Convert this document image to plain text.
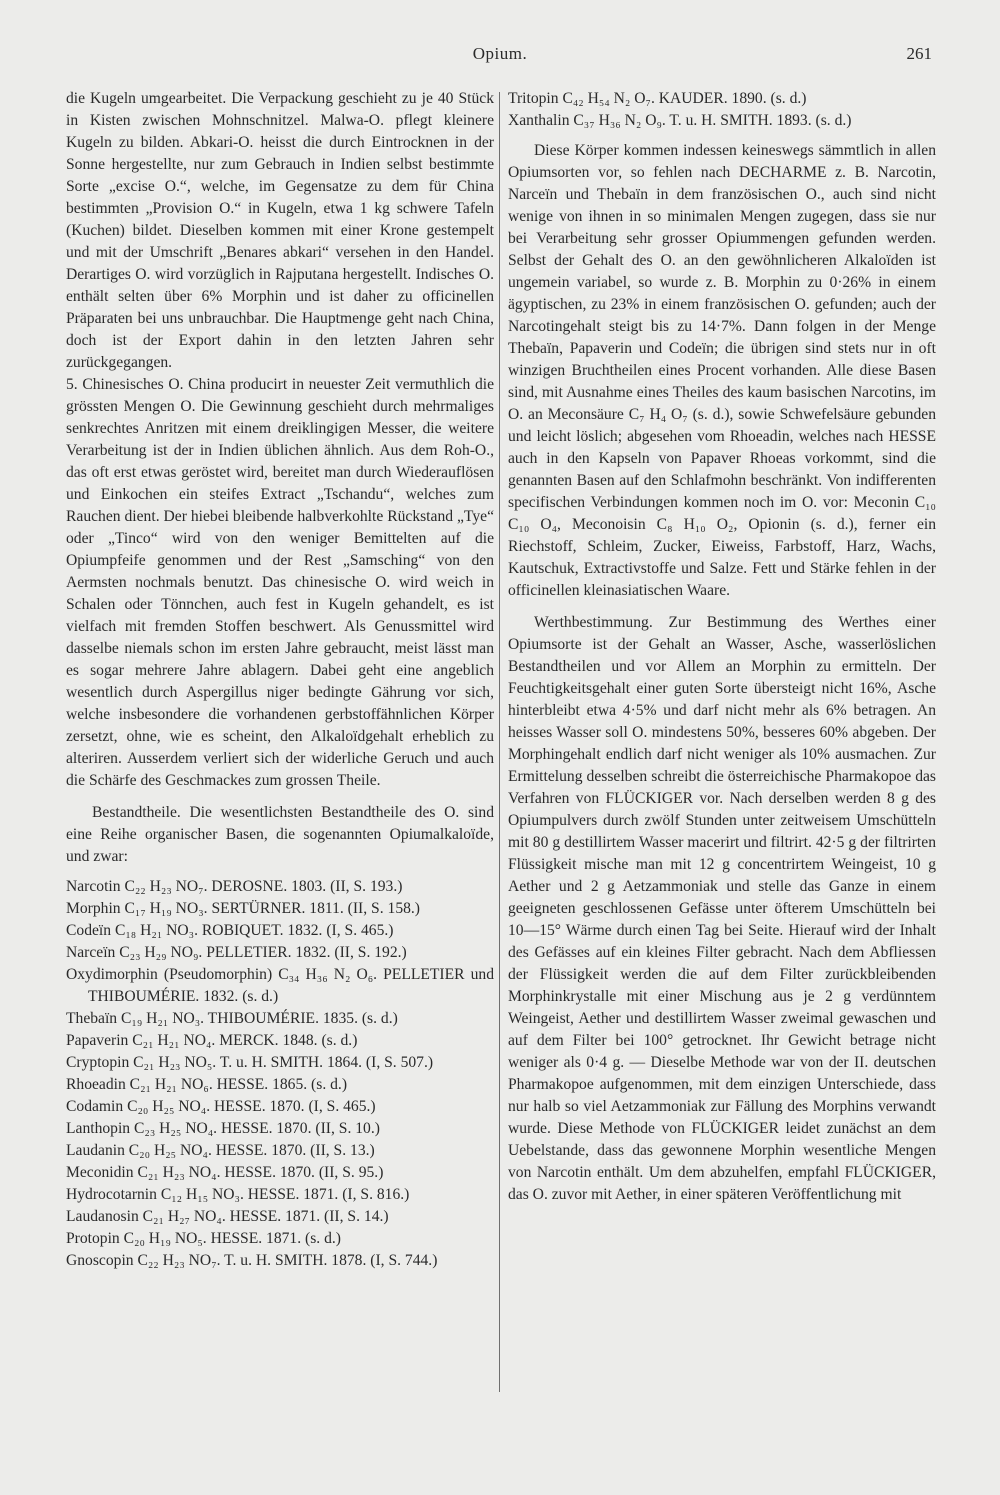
Opium.	261

die Kugeln umgearbeitet. Die Verpackung geschieht zu je 40 Stück in Kisten zwischen Mohnschnitzel. Malwa-O. pflegt kleinere Kugeln zu bilden. Abkari-O. heisst die durch Eintrocknen in der Sonne hergestellte, nur zum Gebrauch in Indien selbst bestimmte Sorte „excise O.“, welche, im Gegensatze zu dem für China bestimmten „Provision O.“ in Kugeln, etwa 1 kg schwere Tafeln (Kuchen) bildet. Dieselben kommen mit einer Krone gestempelt und mit der Umschrift „Benares abkari“ versehen in den Handel. Derartiges O. wird vorzüglich in Rajputana hergestellt. Indisches O. enthält selten über 6% Morphin und ist daher zu officinellen Präparaten bei uns unbrauchbar. Die Hauptmenge geht nach China, doch ist der Export dahin in den letzten Jahren sehr zurückgegangen.

5. Chinesisches O. China producirt in neuester Zeit vermuthlich die grössten Mengen O. Die Gewinnung geschieht durch mehrmaliges senkrechtes Anritzen mit einem dreiklingigen Messer, die weitere Verarbeitung ist der in Indien üblichen ähnlich. Aus dem Roh-O., das oft erst etwas geröstet wird, bereitet man durch Wiederauflösen und Einkochen ein steifes Extract „Tschandu“, welches zum Rauchen dient. Der hiebei bleibende halbverkohlte Rückstand „Tye“ oder „Tinco“ wird von den weniger Bemittelten auf die Opiumpfeife genommen und der Rest „Samsching“ von den Aermsten nochmals benutzt. Das chinesische O. wird weich in Schalen oder Tönnchen, auch fest in Kugeln gehandelt, es ist vielfach mit fremden Stoffen beschwert. Als Genussmittel wird dasselbe niemals schon im ersten Jahre gebraucht, meist lässt man es sogar mehrere Jahre ablagern. Dabei geht eine angeblich wesentlich durch Aspergillus niger bedingte Gährung vor sich, welche insbesondere die vorhandenen gerbstoffähnlichen Körper zersetzt, ohne, wie es scheint, den Alkaloïdgehalt erheblich zu alteriren. Ausserdem verliert sich der widerliche Geruch und auch die Schärfe des Geschmackes zum grossen Theile.

Bestandtheile. Die wesentlichsten Bestandtheile des O. sind eine Reihe organischer Basen, die sogenannten Opiumalkaloïde, und zwar:

Narcotin C₂₂ H₂₃ NO₇. DEROSNE. 1803. (II, S. 193.)
Morphin C₁₇ H₁₉ NO₃. SERTÜRNER. 1811. (II, S. 158.)
Codeïn C₁₈ H₂₁ NO₃. ROBIQUET. 1832. (I, S. 465.)
Narceïn C₂₃ H₂₉ NO₉. PELLETIER. 1832. (II, S. 192.)
Oxydimorphin (Pseudomorphin) C₃₄ H₃₆ N₂ O₆. PELLETIER und THIBOUMÉRIE. 1832. (s. d.)
Thebaïn C₁₉ H₂₁ NO₃. THIBOUMÉRIE. 1835. (s. d.)
Papaverin C₂₁ H₂₁ NO₄. MERCK. 1848. (s. d.)
Cryptopin C₂₁ H₂₃ NO₅. T. u. H. SMITH. 1864. (I, S. 507.)
Rhoeadin C₂₁ H₂₁ NO₆. HESSE. 1865. (s. d.)
Codamin C₂₀ H₂₅ NO₄. HESSE. 1870. (I, S. 465.)
Lanthopin C₂₃ H₂₅ NO₄. HESSE. 1870. (II, S. 10.)
Laudanin C₂₀ H₂₅ NO₄. HESSE. 1870. (II, S. 13.)
Meconidin C₂₁ H₂₃ NO₄. HESSE. 1870. (II, S. 95.)
Hydrocotarnin C₁₂ H₁₅ NO₃. HESSE. 1871. (I, S. 816.)
Laudanosin C₂₁ H₂₇ NO₄. HESSE. 1871. (II, S. 14.)
Protopin C₂₀ H₁₉ NO₅. HESSE. 1871. (s. d.)
Gnoscopin C₂₂ H₂₃ NO₇. T. u. H. SMITH. 1878. (I, S. 744.)
Tritopin C₄₂ H₅₄ N₂ O₇. KAUDER. 1890. (s. d.)
Xanthalin C₃₇ H₃₆ N₂ O₉. T. u. H. SMITH. 1893. (s. d.)

Diese Körper kommen indessen keineswegs sämmtlich in allen Opiumsorten vor, so fehlen nach DECHARME z. B. Narcotin, Narceïn und Thebaïn in dem französischen O., auch sind nicht wenige von ihnen in so minimalen Mengen zugegen, dass sie nur bei Verarbeitung sehr grosser Opiummengen gefunden werden. Selbst der Gehalt des O. an den gewöhnlicheren Alkaloïden ist ungemein variabel, so wurde z. B. Morphin zu 0·26% in einem ägyptischen, zu 23% in einem französischen O. gefunden; auch der Narcotingehalt steigt bis zu 14·7%. Dann folgen in der Menge Thebaïn, Papaverin und Codeïn; die übrigen sind stets nur in oft winzigen Bruchtheilen eines Procent vorhanden. Alle diese Basen sind, mit Ausnahme eines Theiles des kaum basischen Narcotins, im O. an Meconsäure C₇ H₄ O₇ (s. d.), sowie Schwefelsäure gebunden und leicht löslich; abgesehen vom Rhoeadin, welches nach HESSE auch in den Kapseln von Papaver Rhoeas vorkommt, sind die genannten Basen auf den Schlafmohn beschränkt. Von indifferenten specifischen Verbindungen kommen noch im O. vor: Meconin C₁₀ C₁₀ O₄, Meconoisin C₈ H₁₀ O₂, Opionin (s. d.), ferner ein Riechstoff, Schleim, Zucker, Eiweiss, Farbstoff, Harz, Wachs, Kautschuk, Extractivstoffe und Salze. Fett und Stärke fehlen in der officinellen kleinasiatischen Waare.

Werthbestimmung. Zur Bestimmung des Werthes einer Opiumsorte ist der Gehalt an Wasser, Asche, wasserlöslichen Bestandtheilen und vor Allem an Morphin zu ermitteln. Der Feuchtigkeitsgehalt einer guten Sorte übersteigt nicht 16%, Asche hinterbleibt etwa 4·5% und darf nicht mehr als 6% betragen. An heisses Wasser soll O. mindestens 50%, besseres 60% abgeben. Der Morphingehalt endlich darf nicht weniger als 10% ausmachen. Zur Ermittelung desselben schreibt die österreichische Pharmakopoe das Verfahren von FLÜCKIGER vor. Nach derselben werden 8 g des Opiumpulvers durch zwölf Stunden unter zeitweisem Umschütteln mit 80 g destillirtem Wasser macerirt und filtrirt. 42·5 g der filtrirten Flüssigkeit mische man mit 12 g concentrirtem Weingeist, 10 g Aether und 2 g Aetzammoniak und stelle das Ganze in einem geeigneten geschlossenen Gefässe unter öfterem Umschütteln bei 10—15° Wärme durch einen Tag bei Seite. Hierauf wird der Inhalt des Gefässes auf ein kleines Filter gebracht. Nach dem Abfliessen der Flüssigkeit werden die auf dem Filter zurückbleibenden Morphinkrystalle mit einer Mischung aus je 2 g verdünntem Weingeist, Aether und destillirtem Wasser zweimal gewaschen und auf dem Filter bei 100° getrocknet. Ihr Gewicht betrage nicht weniger als 0·4 g. — Dieselbe Methode war von der II. deutschen Pharmakopoe aufgenommen, mit dem einzigen Unterschiede, dass nur halb so viel Aetzammoniak zur Fällung des Morphins verwandt wurde. Diese Methode von FLÜCKIGER leidet zunächst an dem Uebelstande, dass das gewonnene Morphin wesentliche Mengen von Narcotin enthält. Um dem abzuhelfen, empfahl FLÜCKIGER, das O. zuvor mit Aether, in einer späteren Veröffentlichung mit
